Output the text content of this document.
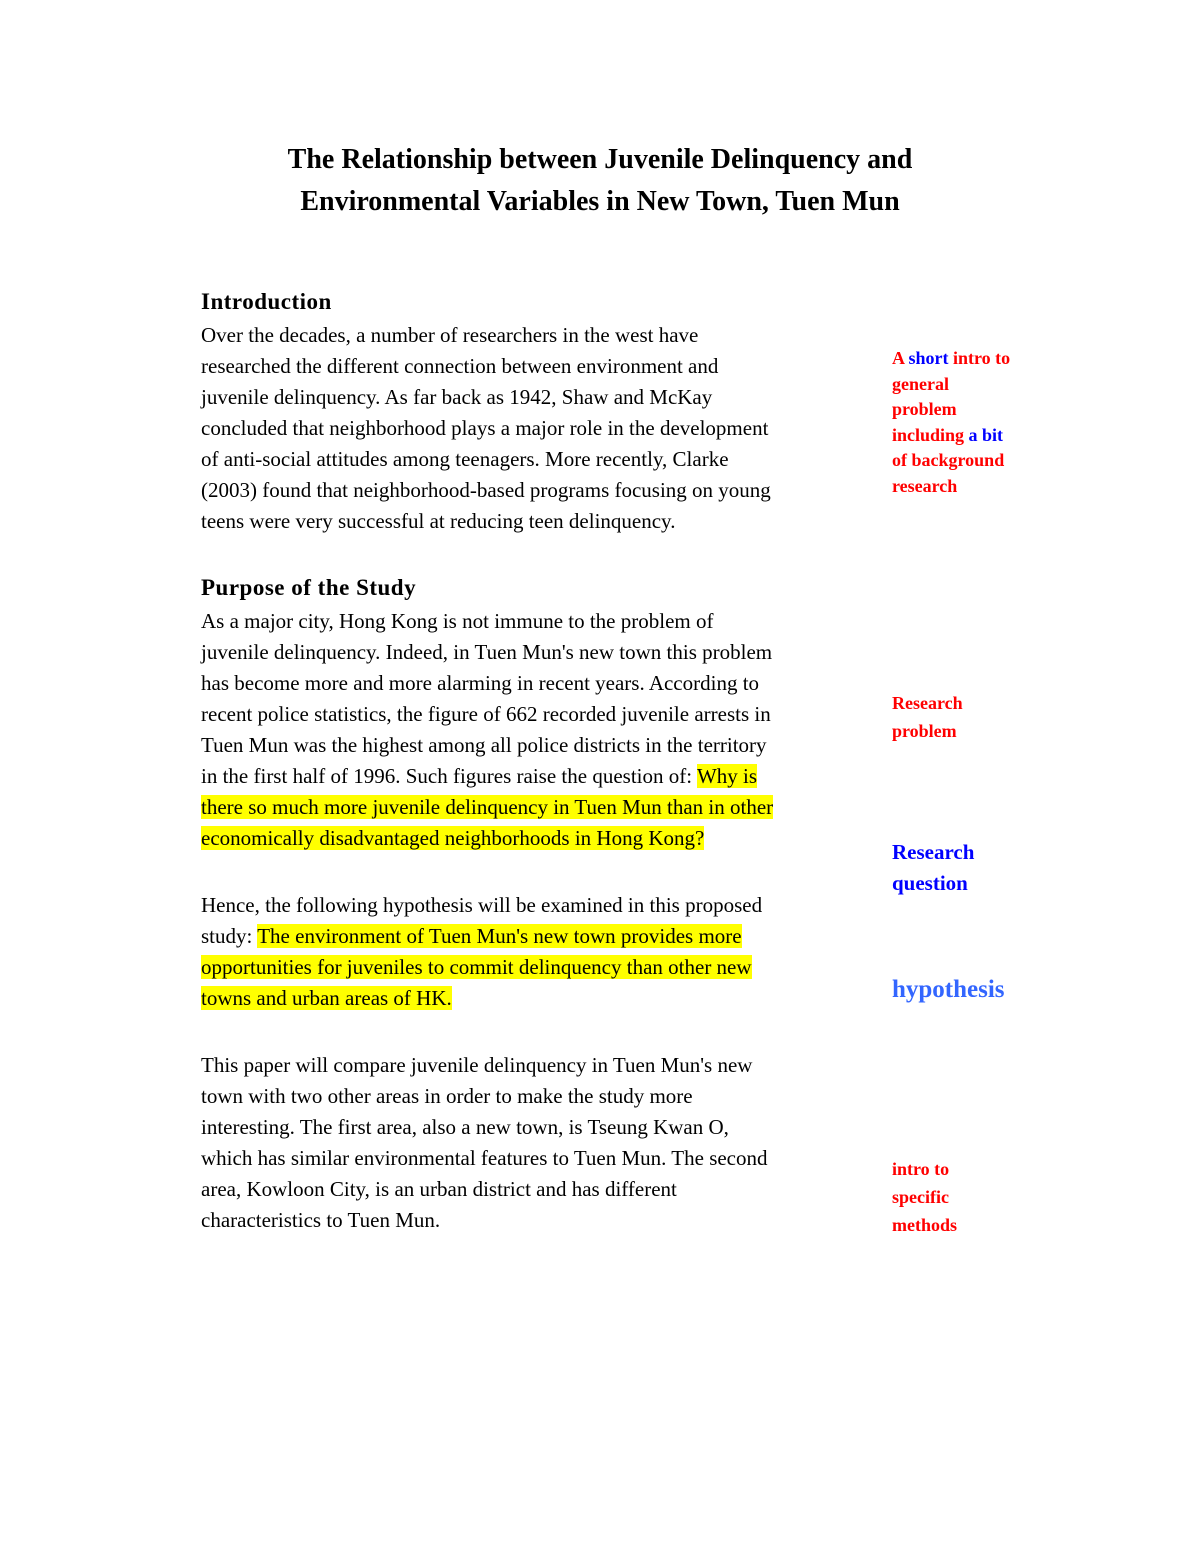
The Relationship between Juvenile Delinquency and
Environmental Variables in New Town, Tuen Mun
Introduction
Over the decades, a number of researchers in the west have
researched the different connection between environment and
juvenile delinquency. As far back as 1942, Shaw and McKay
concluded that neighborhood plays a major role in the development
of anti-social attitudes among teenagers. More recently, Clarke
(2003) found that neighborhood-based programs focusing on young
teens were very successful at reducing teen delinquency.
Purpose of the Study
As a major city, Hong Kong is not immune to the problem of
juvenile delinquency. Indeed, in Tuen Mun's new town this problem
has become more and more alarming in recent years. According to
recent police statistics, the figure of 662 recorded juvenile arrests in
Tuen Mun was the highest among all police districts in the territory
in the first half of 1996. Such figures raise the question of: Why is
there so much more juvenile delinquency in Tuen Mun than in other
economically disadvantaged neighborhoods in Hong Kong?
Hence, the following hypothesis will be examined in this proposed
study: The environment of Tuen Mun's new town provides more
opportunities for juveniles to commit delinquency than other new
towns and urban areas of HK.
This paper will compare juvenile delinquency in Tuen Mun's new
town with two other areas in order to make the study more
interesting. The first area, also a new town, is Tseung Kwan O,
which has similar environmental features to Tuen Mun. The second
area, Kowloon City, is an urban district and has different
characteristics to Tuen Mun.
A short intro to
general
problem
including a bit
of background
research
Research
problem
Research
question
hypothesis
intro to
specific
methods
